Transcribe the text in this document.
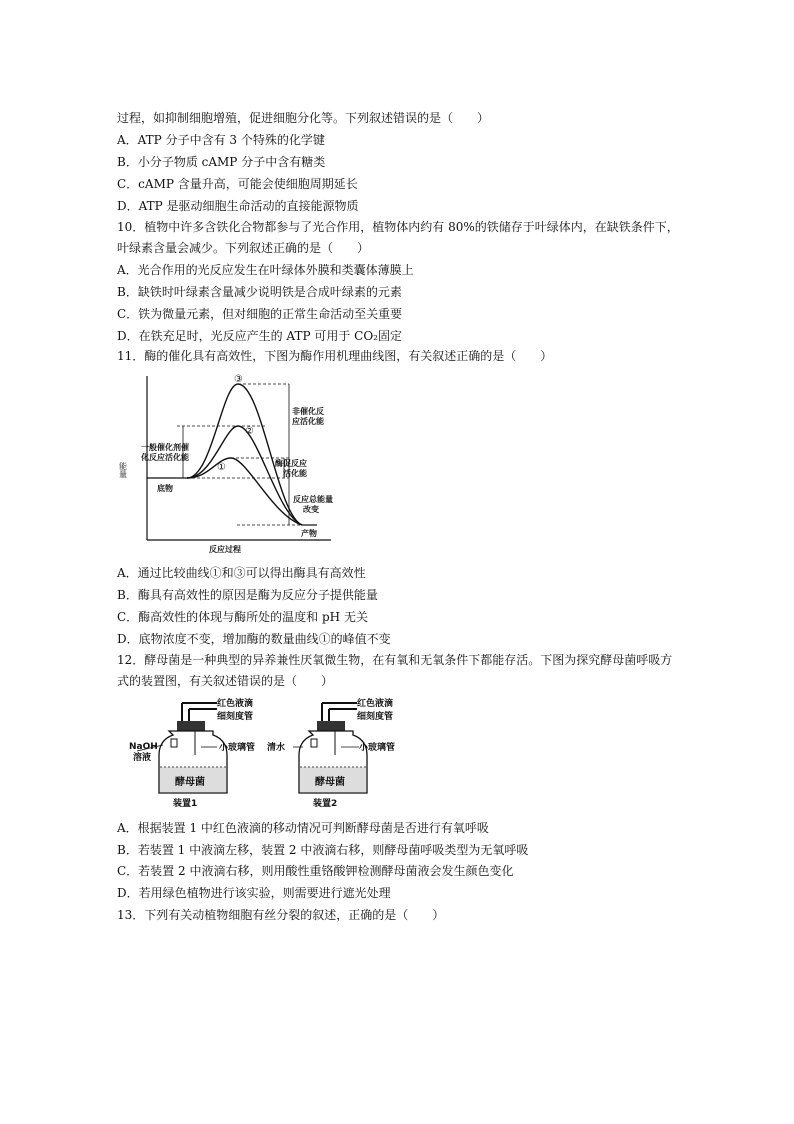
过程，如抑制细胞增殖，促进细胞分化等。下列叙述错误的是（　　）
A．ATP 分子中含有 3 个特殊的化学键
B．小分子物质 cAMP 分子中含有糖类
C．cAMP 含量升高，可能会使细胞周期延长
D．ATP 是驱动细胞生命活动的直接能源物质
10．植物中许多含铁化合物都参与了光合作用，植物体内约有 80%的铁储存于叶绿体内，在缺铁条件下，
叶绿素含量会减少。下列叙述正确的是（　　）
A．光合作用的光反应发生在叶绿体外膜和类囊体薄膜上
B．缺铁时叶绿素含量减少说明铁是合成叶绿素的元素
C．铁为微量元素，但对细胞的正常生命活动至关重要
D．在铁充足时，光反应产生的 ATP 可用于 CO₂固定
11．酶的催化具有高效性，下图为酶作用机理曲线图，有关叙述正确的是（　　）
能量
反应过程
底物
产物
③
②
①
一般催化剂催 化反应活化能
非催化反 应活化能
酶促反应 活化能
反应总能量 改变
A．通过比较曲线①和③可以得出酶具有高效性
B．酶具有高效性的原因是酶为反应分子提供能量
C．酶高效性的体现与酶所处的温度和 pH 无关
D．底物浓度不变，增加酶的数量曲线①的峰值不变
12．酵母菌是一种典型的异养兼性厌氧微生物，在有氧和无氧条件下都能存活。下图为探究酵母菌呼吸方
式的装置图，有关叙述错误的是（　　）
红色液滴
细刻度管
小玻璃管
NaOH 溶液
酵母菌
装置1
红色液滴
细刻度管
小玻璃管
清水
酵母菌
装置2
A．根据装置 1 中红色液滴的移动情况可判断酵母菌是否进行有氧呼吸
B．若装置 1 中液滴左移，装置 2 中液滴右移，则酵母菌呼吸类型为无氧呼吸
C．若装置 2 中液滴右移，则用酸性重铬酸钾检测酵母菌液会发生颜色变化
D．若用绿色植物进行该实验，则需要进行遮光处理
13．下列有关动植物细胞有丝分裂的叙述，正确的是（　　）
